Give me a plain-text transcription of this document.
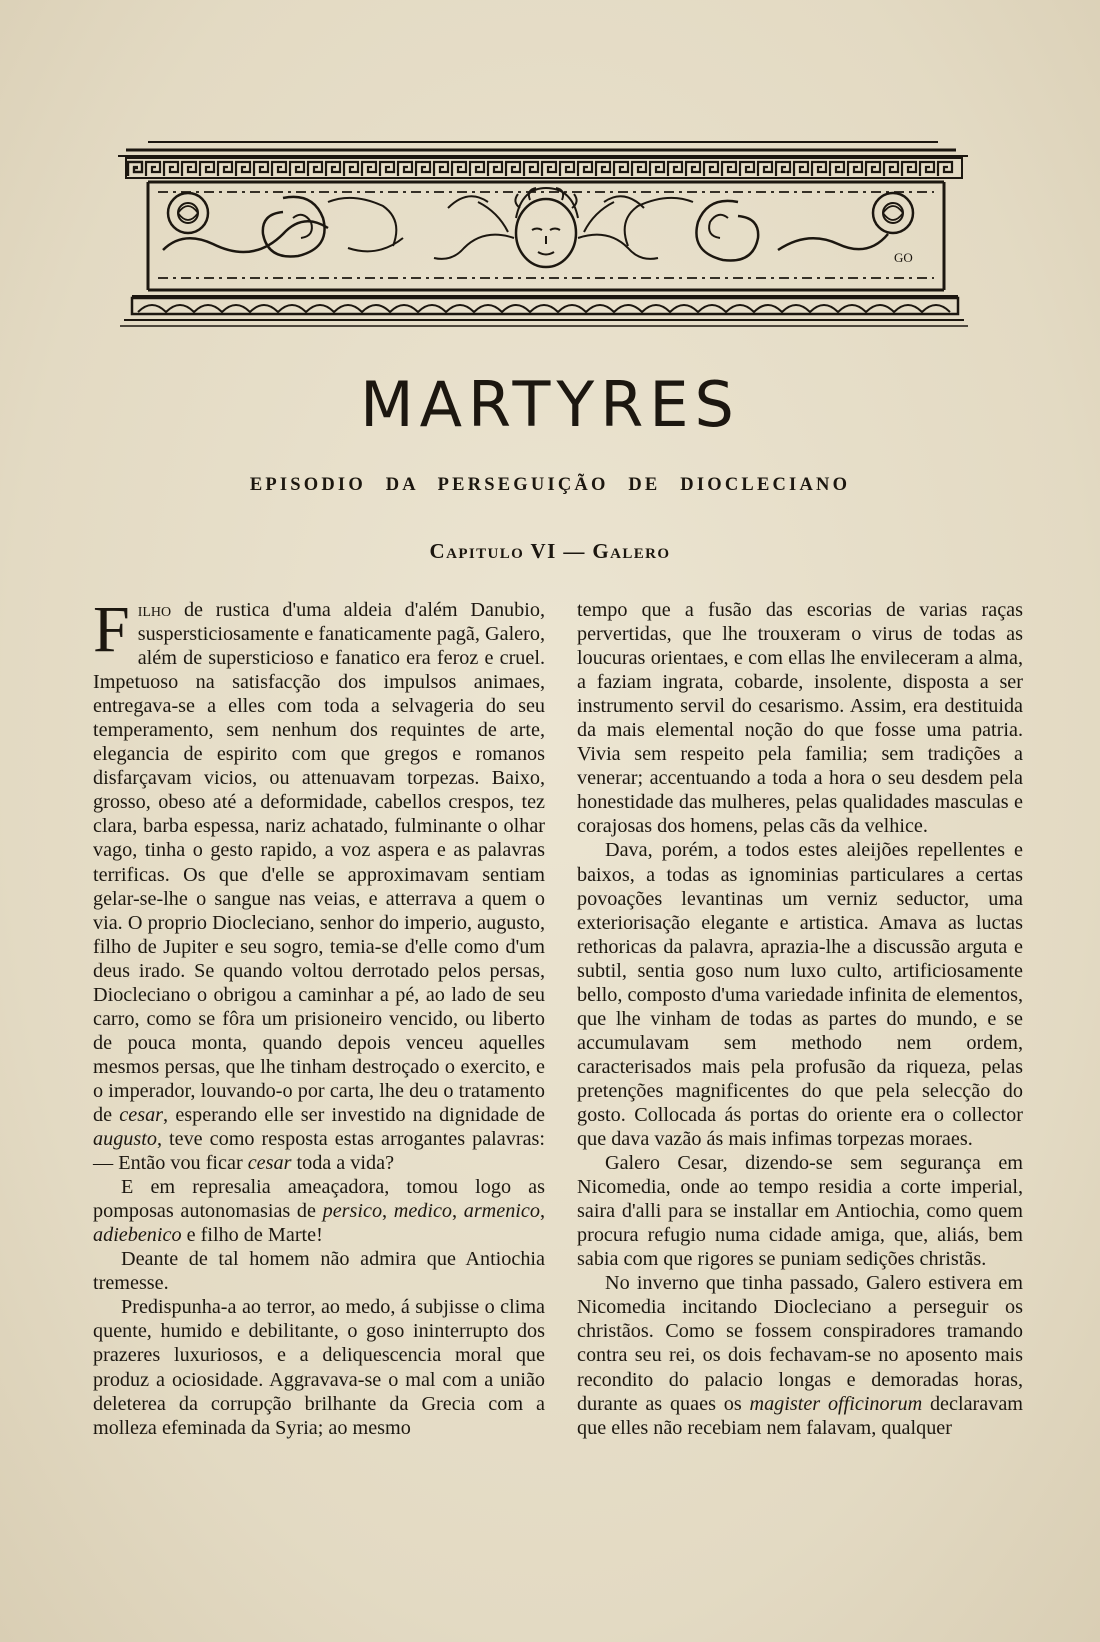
GO
MARTYRES
EPISODIO DA PERSEGUIÇÃO DE DIOCLECIANO
Capitulo VI — Galero

Filho de rustica d'uma aldeia d'além Danubio, suspersticiosamente e fanaticamente pagã, Galero, além de supersticioso e fanatico era feroz e cruel. Impetuoso na satisfacção dos impulsos animaes, entregava-se a elles com toda a selvageria do seu temperamento, sem nenhum dos requintes de arte, elegancia de espirito com que gregos e romanos disfarçavam vicios, ou attenuavam torpezas. Baixo, grosso, obeso até a deformidade, cabellos crespos, tez clara, barba espessa, nariz achatado, fulminante o olhar vago, tinha o gesto rapido, a voz aspera e as palavras terrificas. Os que d'elle se approximavam sentiam gelar-se-lhe o sangue nas veias, e atterrava a quem o via. O proprio Diocleciano, senhor do imperio, augusto, filho de Jupiter e seu sogro, temia-se d'elle como d'um deus irado. Se quando voltou derrotado pelos persas, Diocleciano o obrigou a caminhar a pé, ao lado de seu carro, como se fôra um prisioneiro vencido, ou liberto de pouca monta, quando depois venceu aquelles mesmos persas, que lhe tinham destroçado o exercito, e o imperador, louvando-o por carta, lhe deu o tratamento de cesar, esperando elle ser investido na dignidade de augusto, teve como resposta estas arrogantes palavras: — Então vou ficar cesar toda a vida?

E em represalia ameaçadora, tomou logo as pomposas autonomasias de persico, medico, armenico, adiebenico e filho de Marte!

Deante de tal homem não admira que Antiochia tremesse.

Predispunha-a ao terror, ao medo, á subjisse o clima quente, humido e debilitante, o goso ininterrupto dos prazeres luxuriosos, e a deliquescencia moral que produz a ociosidade. Aggravava-se o mal com a união deleterea da corrupção brilhante da Grecia com a molleza efeminada da Syria; ao mesmo

tempo que a fusão das escorias de varias raças pervertidas, que lhe trouxeram o virus de todas as loucuras orientaes, e com ellas lhe envileceram a alma, a faziam ingrata, cobarde, insolente, disposta a ser instrumento servil do cesarismo. Assim, era destituida da mais elemental noção do que fosse uma patria. Vivia sem respeito pela familia; sem tradições a venerar; accentuando a toda a hora o seu desdem pela honestidade das mulheres, pelas qualidades masculas e corajosas dos homens, pelas cãs da velhice.

Dava, porém, a todos estes aleijões repellentes e baixos, a todas as ignominias particulares a certas povoações levantinas um verniz seductor, uma exteriorisação elegante e artistica. Amava as luctas rethoricas da palavra, aprazia-lhe a discussão arguta e subtil, sentia goso num luxo culto, artificiosamente bello, composto d'uma variedade infinita de elementos, que lhe vinham de todas as partes do mundo, e se accumulavam sem methodo nem ordem, caracterisados mais pela profusão da riqueza, pelas pretenções magnificentes do que pela selecção do gosto. Collocada ás portas do oriente era o collector que dava vazão ás mais infimas torpezas moraes.

Galero Cesar, dizendo-se sem segurança em Nicomedia, onde ao tempo residia a corte imperial, saira d'alli para se installar em Antiochia, como quem procura refugio numa cidade amiga, que, aliás, bem sabia com que rigores se puniam sedições christãs.

No inverno que tinha passado, Galero estivera em Nicomedia incitando Diocleciano a perseguir os christãos. Como se fossem conspiradores tramando contra seu rei, os dois fechavam-se no aposento mais recondito do palacio longas e demoradas horas, durante as quaes os magister officinorum declaravam que elles não recebiam nem falavam, qualquer
